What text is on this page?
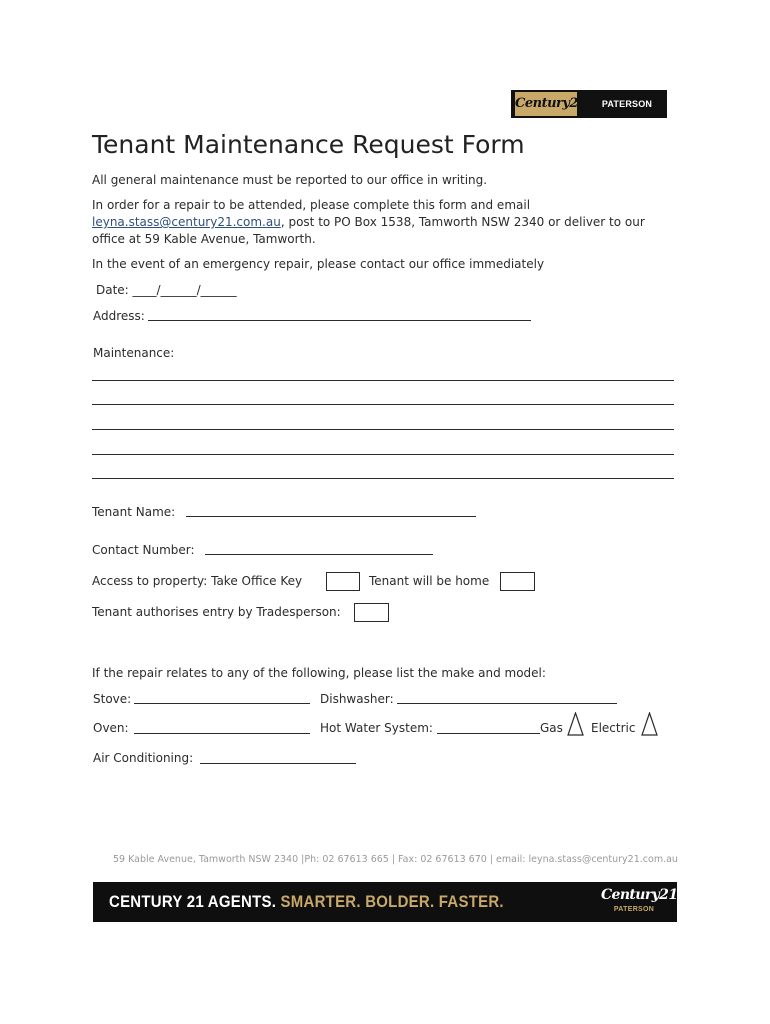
Century21	PATERSON
Tenant Maintenance Request Form
All general maintenance must be reported to our office in writing.
In order for a repair to be attended, please complete this form and email
leyna.stass@century21.com.au, post to PO Box 1538, Tamworth NSW 2340 or deliver to our
office at 59 Kable Avenue, Tamworth.
In the event of an emergency repair, please contact our office immediately
Date: ____/______/______
Address:
Maintenance:
Tenant Name:
Contact Number:
Access to property: Take Office Key	Tenant will be home
Tenant authorises entry by Tradesperson:
If the repair relates to any of the following, please list the make and model:
Stove:	Dishwasher:
Oven:	Hot Water System:	Gas Electric
Air Conditioning:
59 Kable Avenue, Tamworth NSW 2340 |Ph: 02 67613 665 | Fax: 02 67613 670 | email: leyna.stass@century21.com.au
CENTURY 21 AGENTS. SMARTER. BOLDER. FASTER.	Century21
PATERSON
